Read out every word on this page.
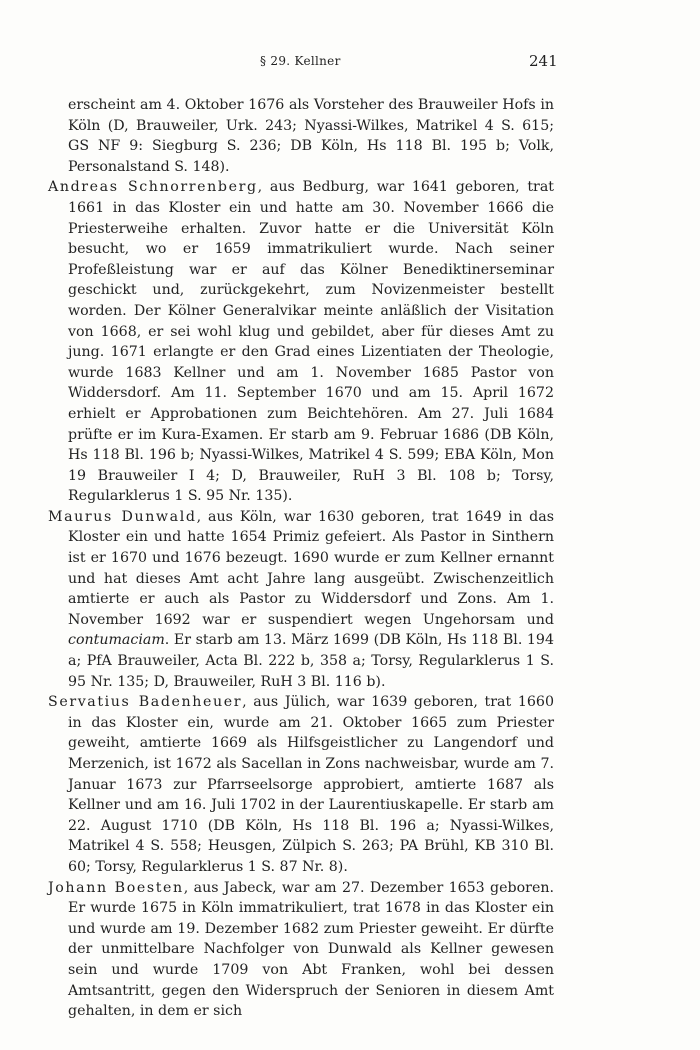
§ 29. Kellner	241

erscheint am 4. Oktober 1676 als Vorsteher des Brauweiler Hofs in Köln (D, Brauweiler, Urk. 243; Nyassi-Wilkes, Matrikel 4 S. 615; GS NF 9: Siegburg S. 236; DB Köln, Hs 118 Bl. 195 b; Volk, Personalstand S. 148).

Andreas Schnorrenberg, aus Bedburg, war 1641 geboren, trat 1661 in das Kloster ein und hatte am 30. November 1666 die Priesterweihe erhalten. Zuvor hatte er die Universität Köln besucht, wo er 1659 immatrikuliert wurde. Nach seiner Profeßleistung war er auf das Kölner Benediktinerseminar geschickt und, zurückgekehrt, zum Novizenmeister bestellt worden. Der Kölner Generalvikar meinte anläßlich der Visitation von 1668, er sei wohl klug und gebildet, aber für dieses Amt zu jung. 1671 erlangte er den Grad eines Lizentiaten der Theologie, wurde 1683 Kellner und am 1. November 1685 Pastor von Widdersdorf. Am 11. September 1670 und am 15. April 1672 erhielt er Approbationen zum Beichtehören. Am 27. Juli 1684 prüfte er im Kura-Examen. Er starb am 9. Februar 1686 (DB Köln, Hs 118 Bl. 196 b; Nyassi-Wilkes, Matrikel 4 S. 599; EBA Köln, Mon 19 Brauweiler I 4; D, Brauweiler, RuH 3 Bl. 108 b; Torsy, Regularklerus 1 S. 95 Nr. 135).

Maurus Dunwald, aus Köln, war 1630 geboren, trat 1649 in das Kloster ein und hatte 1654 Primiz gefeiert. Als Pastor in Sinthern ist er 1670 und 1676 bezeugt. 1690 wurde er zum Kellner ernannt und hat dieses Amt acht Jahre lang ausgeübt. Zwischenzeitlich amtierte er auch als Pastor zu Widdersdorf und Zons. Am 1. November 1692 war er suspendiert wegen Ungehorsam und contumaciam. Er starb am 13. März 1699 (DB Köln, Hs 118 Bl. 194 a; PfA Brauweiler, Acta Bl. 222 b, 358 a; Torsy, Regularklerus 1 S. 95 Nr. 135; D, Brauweiler, RuH 3 Bl. 116 b).

Servatius Badenheuer, aus Jülich, war 1639 geboren, trat 1660 in das Kloster ein, wurde am 21. Oktober 1665 zum Priester geweiht, amtierte 1669 als Hilfsgeistlicher zu Langendorf und Merzenich, ist 1672 als Sacellan in Zons nachweisbar, wurde am 7. Januar 1673 zur Pfarrseelsorge approbiert, amtierte 1687 als Kellner und am 16. Juli 1702 in der Laurentiuskapelle. Er starb am 22. August 1710 (DB Köln, Hs 118 Bl. 196 a; Nyassi-Wilkes, Matrikel 4 S. 558; Heusgen, Zülpich S. 263; PA Brühl, KB 310 Bl. 60; Torsy, Regularklerus 1 S. 87 Nr. 8).

Johann Boesten, aus Jabeck, war am 27. Dezember 1653 geboren. Er wurde 1675 in Köln immatrikuliert, trat 1678 in das Kloster ein und wurde am 19. Dezember 1682 zum Priester geweiht. Er dürfte der unmittelbare Nachfolger von Dunwald als Kellner gewesen sein und wurde 1709 von Abt Franken, wohl bei dessen Amtsantritt, gegen den Widerspruch der Senioren in diesem Amt gehalten, in dem er sich
